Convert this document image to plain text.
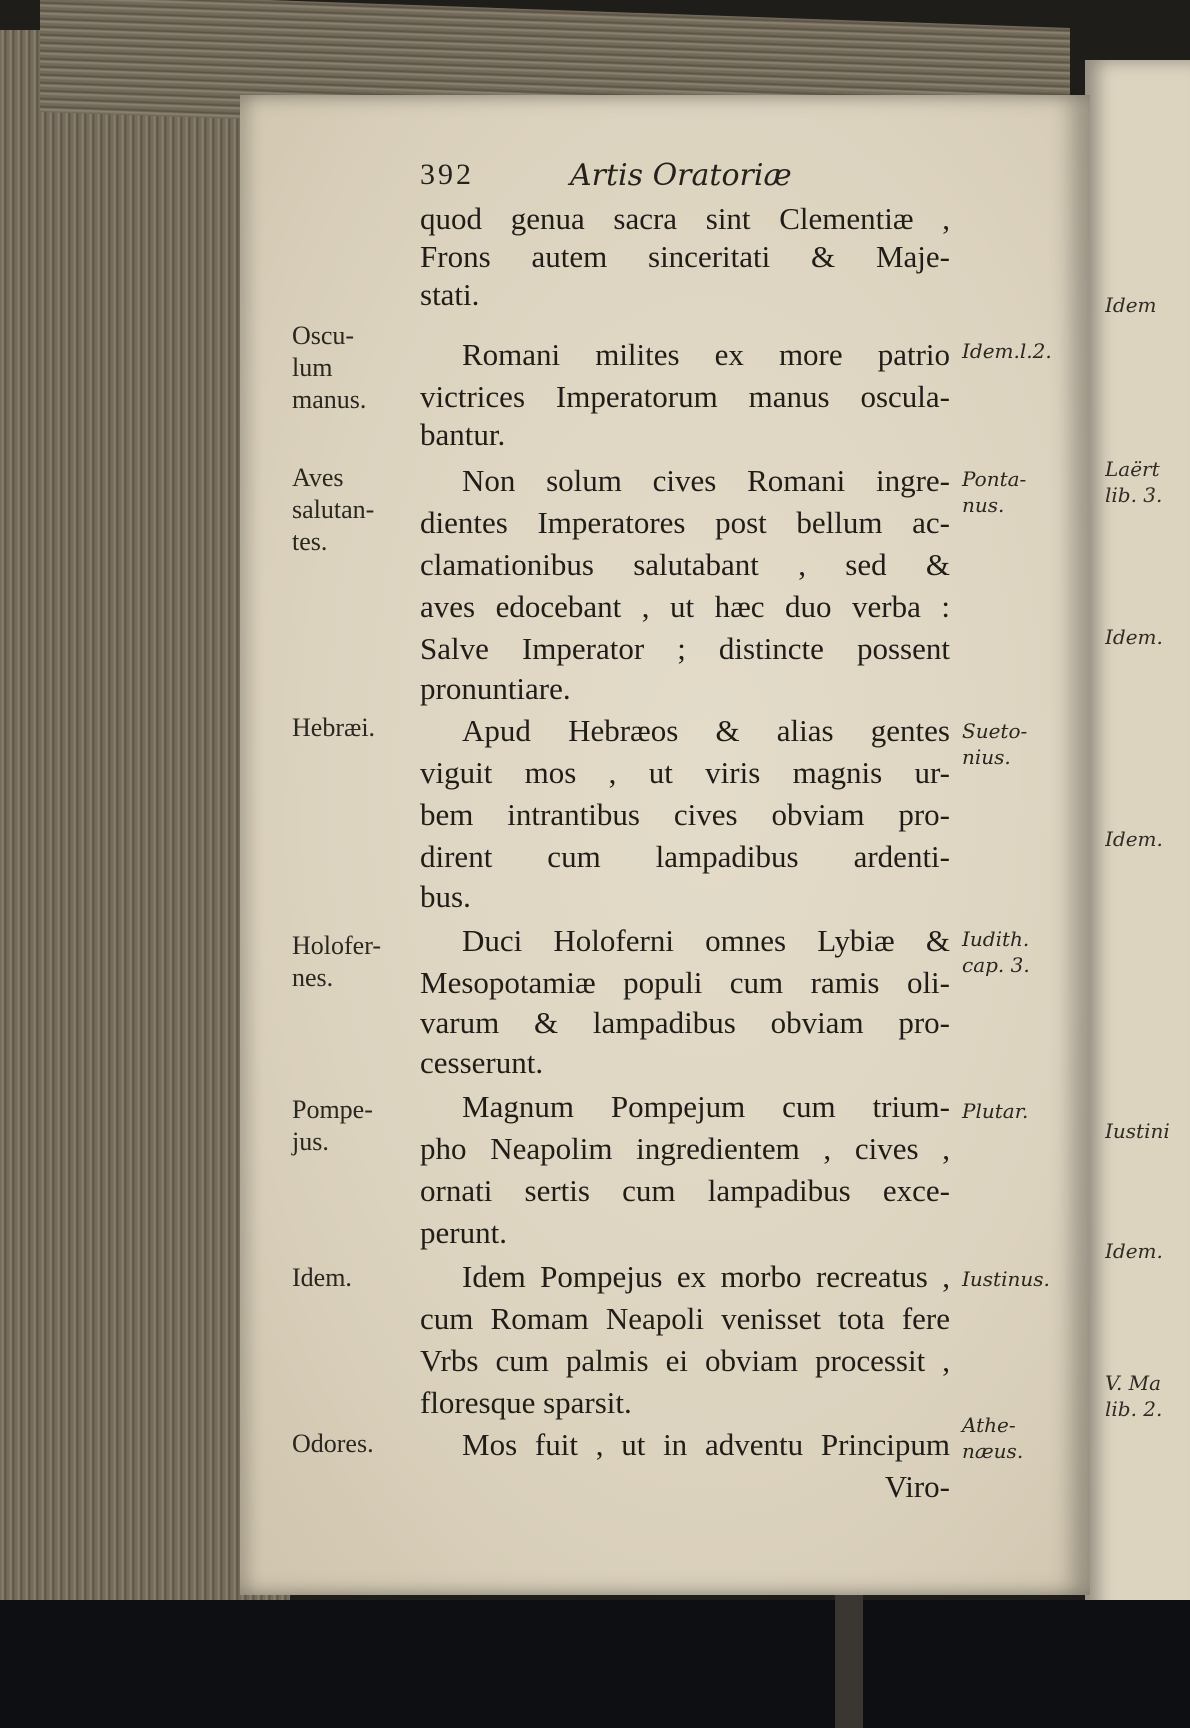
392	Artis Oratoriæ
quod genua sacra sint Clementiæ ,
Frons autem sinceritati & Maje-
stati.
Romani milites ex more patrio
victrices Imperatorum manus oscula-
bantur.
Non solum cives Romani ingre-
dientes Imperatores post bellum ac-
clamationibus salutabant , sed &
aves edocebant , ut hæc duo verba :
Salve Imperator ; distincte possent
pronuntiare.
Apud Hebræos & alias gentes
viguit mos , ut viris magnis ur-
bem intrantibus cives obviam pro-
dirent cum lampadibus ardenti-
bus.
Duci Holoferni omnes Lybiæ &
Mesopotamiæ populi cum ramis oli-
varum & lampadibus obviam pro-
cesserunt.
Magnum Pompejum cum trium-
pho Neapolim ingredientem , cives ,
ornati sertis cum lampadibus exce-
perunt.
Idem Pompejus ex morbo recreatus ,
cum Romam Neapoli venisset tota fere
Vrbs cum palmis ei obviam processit ,
floresque sparsit.
Mos fuit , ut in adventu Principum
Viro-
Oscu-
lum
manus.
Aves
salutan-
tes.
Hebræi.
Holofer-
nes.
Pompe-
jus.
Idem.
Odores.
Idem.l.2.
Ponta-
nus.
Sueto-
nius.
Iudith.
cap. 3.
Plutar.
Iustinus.
Athe-
næus.
Idem
Laërt
lib. 3.
Idem.
Idem.
Iustini
Idem.
V. Ma
lib. 2.
